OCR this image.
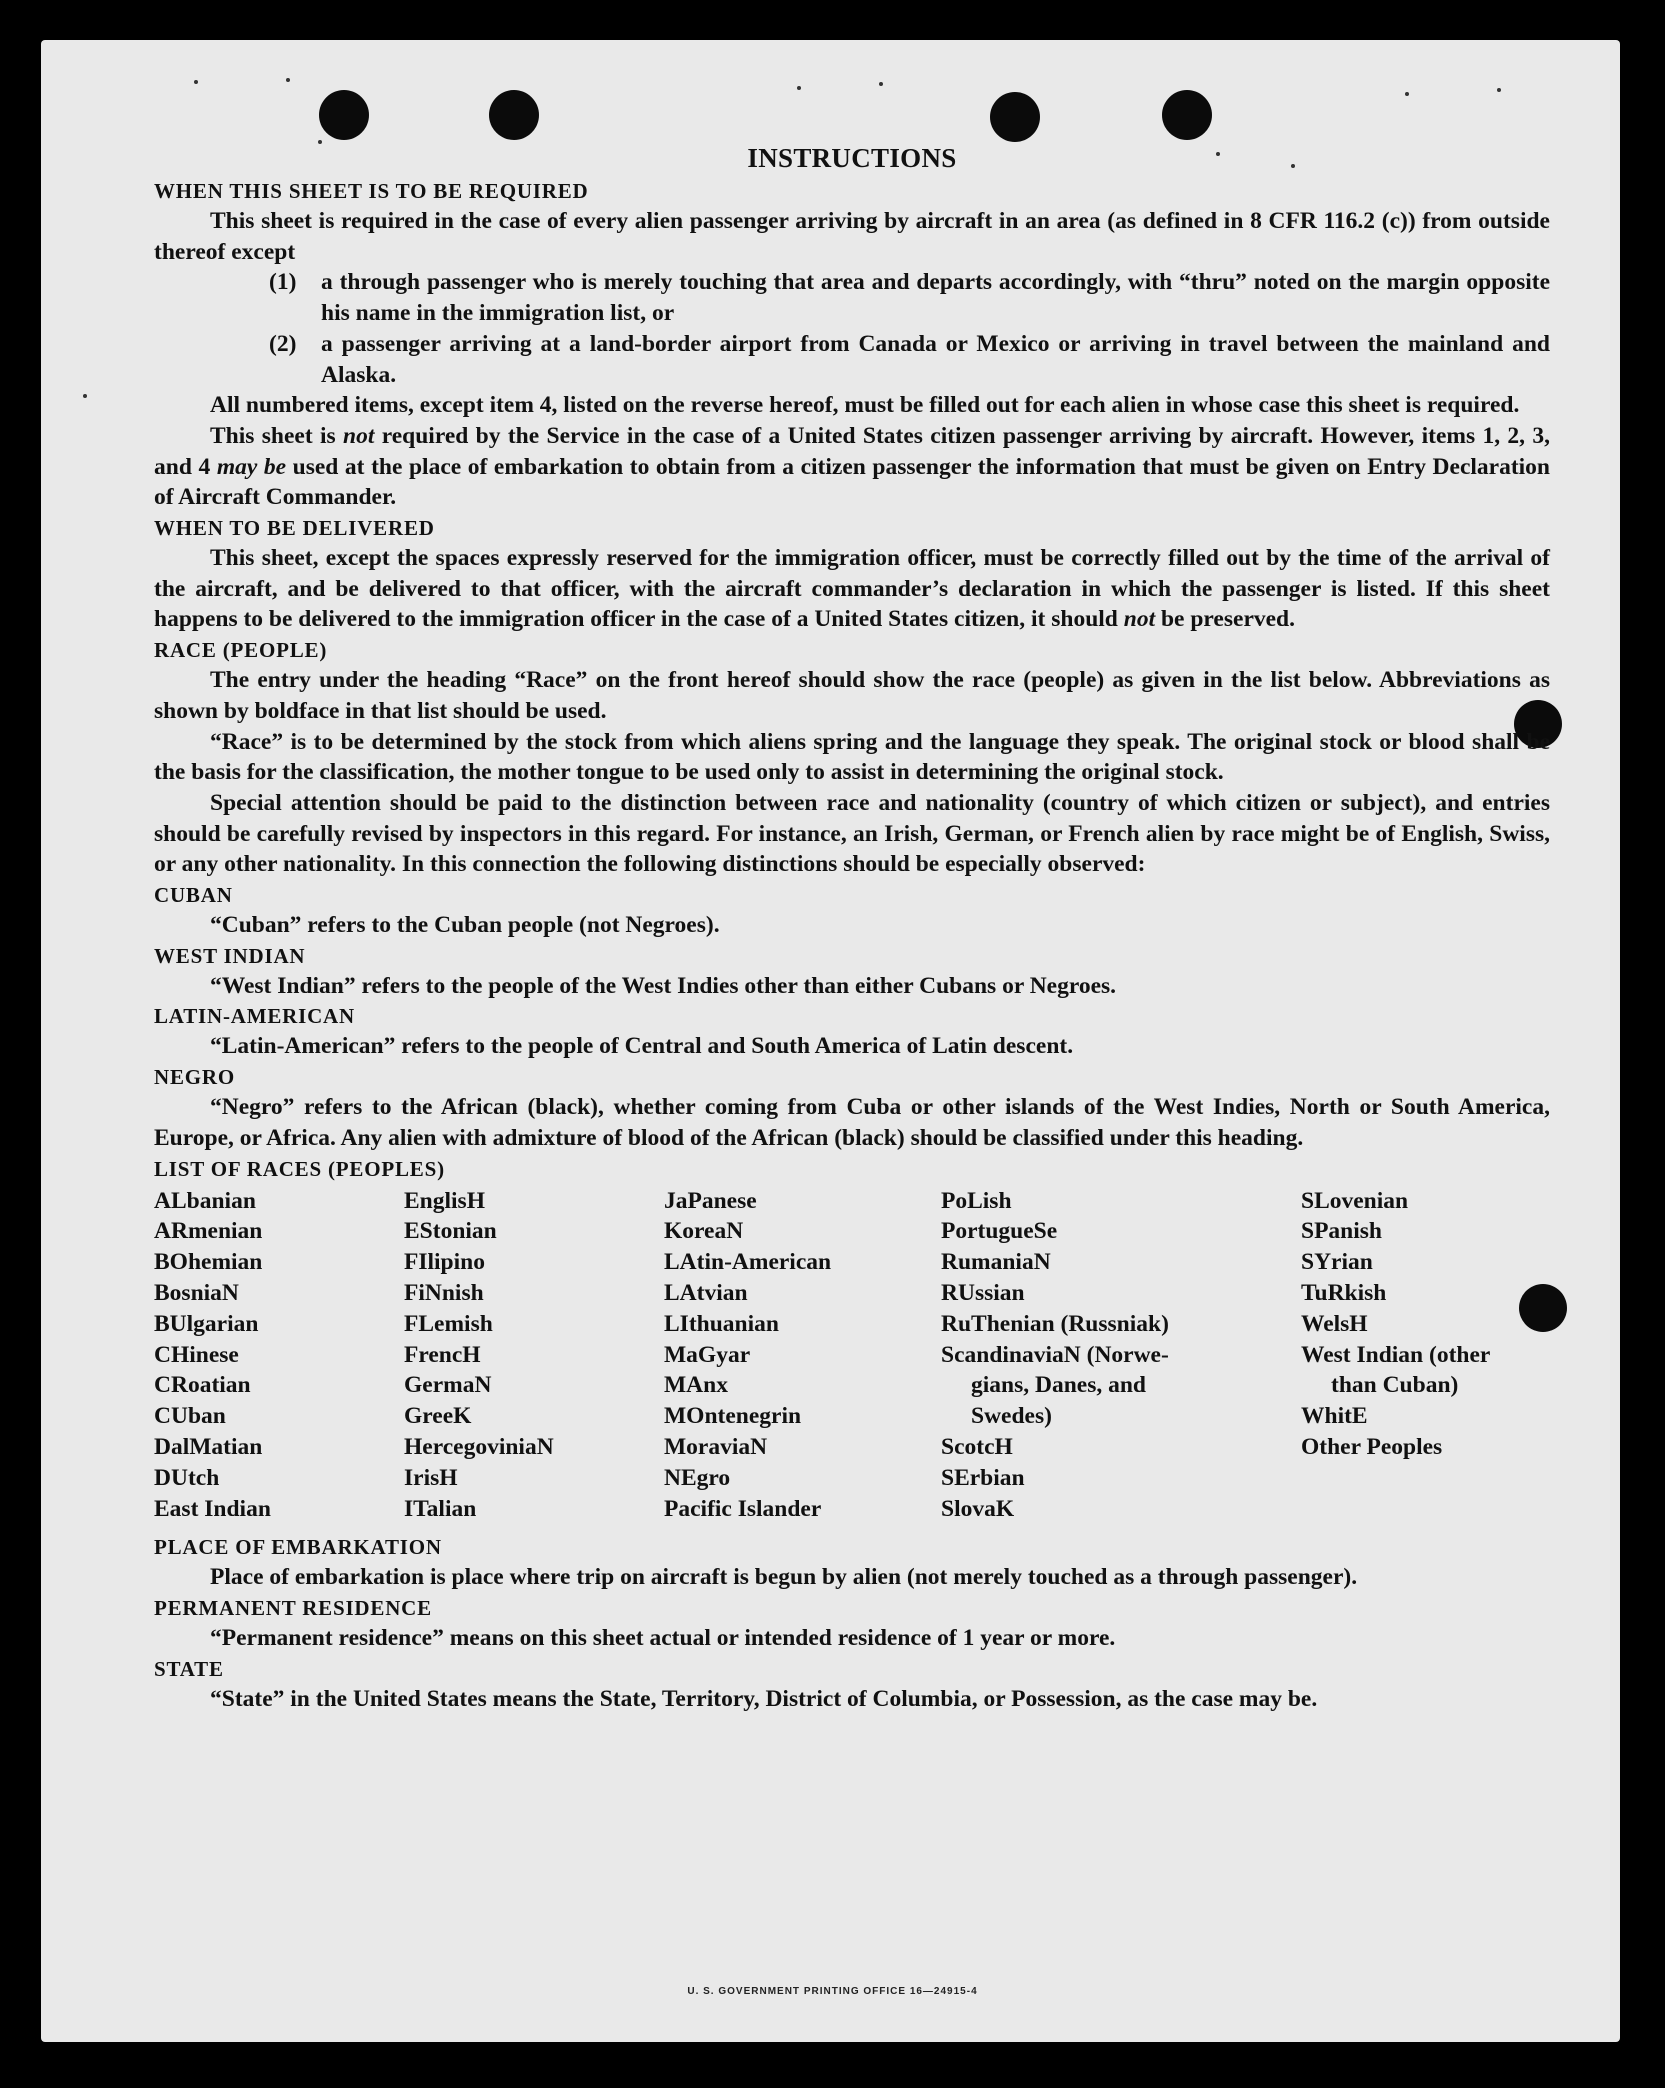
INSTRUCTIONS

WHEN THIS SHEET IS TO BE REQUIRED

This sheet is required in the case of every alien passenger arriving by aircraft in an area (as defined in 8 CFR 116.2 (c)) from outside thereof except

(1)	a through passenger who is merely touching that area and departs accordingly, with “thru” noted on the margin opposite his name in the immigration list, or
(2)	a passenger arriving at a land-border airport from Canada or Mexico or arriving in travel between the mainland and Alaska.

All numbered items, except item 4, listed on the reverse hereof, must be filled out for each alien in whose case this sheet is required.

This sheet is not required by the Service in the case of a United States citizen passenger arriving by aircraft. However, items 1, 2, 3, and 4 may be used at the place of embarkation to obtain from a citizen passenger the information that must be given on Entry Declaration of Aircraft Commander.

WHEN TO BE DELIVERED

This sheet, except the spaces expressly reserved for the immigration officer, must be correctly filled out by the time of the arrival of the aircraft, and be delivered to that officer, with the aircraft commander’s declaration in which the passenger is listed. If this sheet happens to be delivered to the immigration officer in the case of a United States citizen, it should not be preserved.

RACE (PEOPLE)

The entry under the heading “Race” on the front hereof should show the race (people) as given in the list below. Abbreviations as shown by boldface in that list should be used.

“Race” is to be determined by the stock from which aliens spring and the language they speak. The original stock or blood shall be the basis for the classification, the mother tongue to be used only to assist in determining the original stock.

Special attention should be paid to the distinction between race and nationality (country of which citizen or subject), and entries should be carefully revised by inspectors in this regard. For instance, an Irish, German, or French alien by race might be of English, Swiss, or any other nationality. In this connection the following distinctions should be especially observed:

CUBAN

“Cuban” refers to the Cuban people (not Negroes).

WEST INDIAN

“West Indian” refers to the people of the West Indies other than either Cubans or Negroes.

LATIN-AMERICAN

“Latin-American” refers to the people of Central and South America of Latin descent.

NEGRO

“Negro” refers to the African (black), whether coming from Cuba or other islands of the West Indies, North or South America, Europe, or Africa. Any alien with admixture of blood of the African (black) should be classified under this heading.

LIST OF RACES (PEOPLES)

ALbanian
ARmenian
BOhemian
BosniaN
BUlgarian
CHinese
CRoatian
CUban
DalMatian
DUtch
East Indian
EnglisH
EStonian
FIlipino
FiNnish
FLemish
FrencH
GermaN
GreeK
HercegoviniaN
IrisH
ITalian
JaPanese
KoreaN
LAtin-American
LAtvian
LIthuanian
MaGyar
MAnx
MOntenegrin
MoraviaN
NEgro
Pacific Islander
PoLish
PortugueSe
RumaniaN
RUssian
RuThenian (Russniak)
ScandinaviaN (Norwe-
gians, Danes, and
Swedes)
ScotcH
SErbian
SlovaK
SLovenian
SPanish
SYrian
TuRkish
WelsH
West Indian (other
than Cuban)
WhitE
Other Peoples

PLACE OF EMBARKATION

Place of embarkation is place where trip on aircraft is begun by alien (not merely touched as a through passenger).

PERMANENT RESIDENCE

“Permanent residence” means on this sheet actual or intended residence of 1 year or more.

STATE

“State” in the United States means the State, Territory, District of Columbia, or Possession, as the case may be.

U. S. GOVERNMENT PRINTING OFFICE 16—24915-4
